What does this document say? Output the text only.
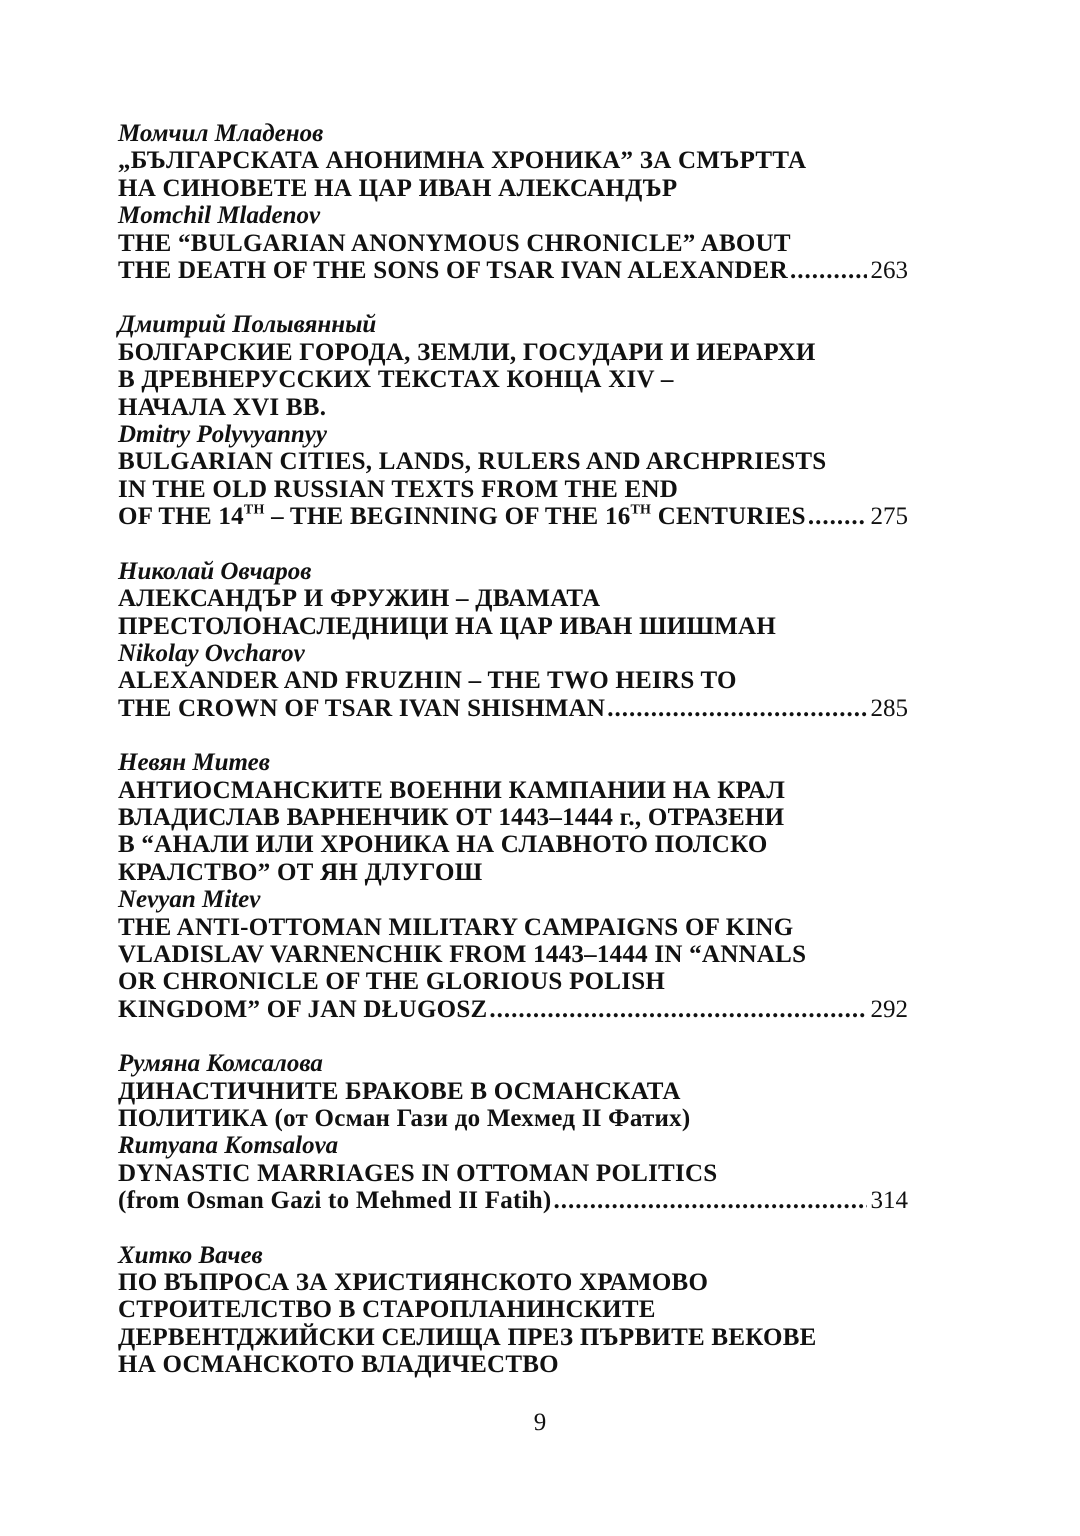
Момчил Младенов
„БЪЛГАРСКАТА АНОНИМНА ХРОНИКА” ЗА СМЪРТТА
НА СИНОВЕТЕ НА ЦАР ИВАН АЛЕКСАНДЪР
Momchil Mladenov
THE “BULGARIAN ANONYMOUS CHRONICLE” ABOUT
THE DEATH OF THE SONS OF TSAR IVAN ALEXANDER .....	263
Дмитрий Полывянный
БОЛГАРСКИЕ ГОРОДА, ЗЕМЛИ, ГОСУДАРИ И ИЕРАРХИ
В ДРЕВНЕРУССКИХ ТЕКСТАХ КОНЦА XIV –
НАЧАЛА XVI ВВ.
Dmitry Polyvyannyy
BULGARIAN CITIES, LANDS, RULERS AND ARCHPRIESTS
IN THE OLD RUSSIAN TEXTS FROM THE END
OF THE 14TH – THE BEGINNING OF THE 16TH CENTURIES .....	275
Николай Овчаров
АЛЕКСАНДЪР И ФРУЖИН – ДВАМАТА
ПРЕСТОЛОНАСЛЕДНИЦИ НА ЦАР ИВАН ШИШМАН
Nikolay Ovcharov
ALEXANDER AND FRUZHIN – THE TWO HEIRS TO
THE CROWN OF TSAR IVAN SHISHMAN .....	285
Невян Митев
АНТИОСМАНСКИТЕ ВОЕННИ КАМПАНИИ НА КРАЛ
ВЛАДИСЛАВ ВАРНЕНЧИК ОТ 1443–1444 г., ОТРАЗЕНИ
В “АНАЛИ ИЛИ ХРОНИКА НА СЛАВНОТО ПОЛСКО
КРАЛСТВО” ОТ ЯН ДЛУГОШ
Nevyan Mitev
THE ANTI-OTTOMAN MILITARY CAMPAIGNS OF KING
VLADISLAV VARNENCHIK FROM 1443–1444 IN “ANNALS
OR CHRONICLE OF THE GLORIOUS POLISH
KINGDOM” OF JAN DŁUGOSZ .....	292
Румяна Комсалова
ДИНАСТИЧНИТЕ БРАКОВЕ В ОСМАНСКАТА
ПОЛИТИКА (от Осман Гази до Мехмед II Фатих)
Rumyana Komsalova
DYNASTIC MARRIAGES IN OTTOMAN POLITICS
(from Osman Gazi to Mehmed II Fatih) .....	314
Хитко Вачев
ПО ВЪПРОСА ЗА ХРИСТИЯНСКОТО ХРАМОВО
СТРОИТЕЛСТВО В СТАРОПЛАНИНСКИТЕ
ДЕРВЕНТДЖИЙСКИ СЕЛИЩА ПРЕЗ ПЪРВИТЕ ВЕКОВЕ
НА ОСМАНСКОТО ВЛАДИЧЕСТВО
9
